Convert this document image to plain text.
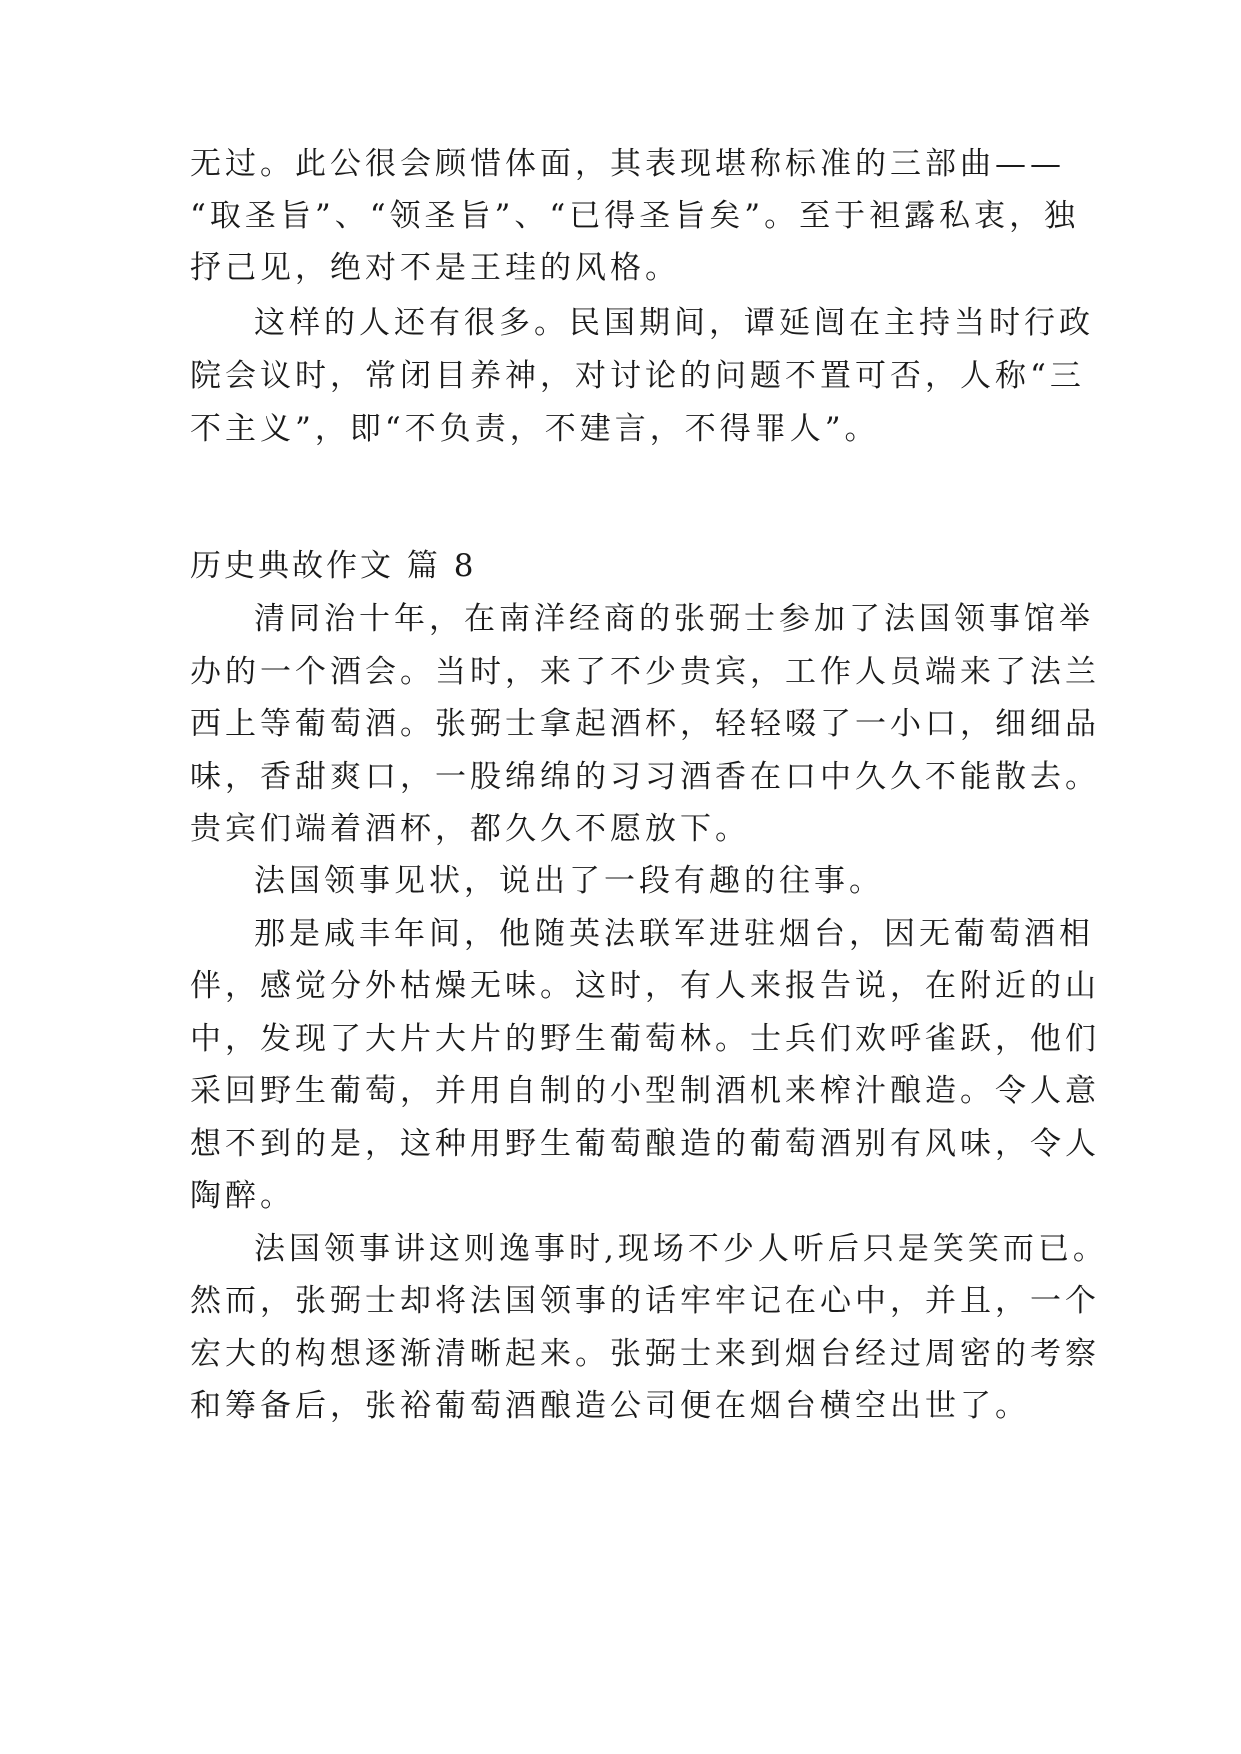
无过。此公很会顾惜体面，其表现堪称标准的三部曲——
“取圣旨”、“领圣旨”、“已得圣旨矣”。至于袒露私衷，独
抒己见，绝对不是王珪的风格。
这样的人还有很多。民国期间，谭延闿在主持当时行政
院会议时，常闭目养神，对讨论的问题不置可否，人称“三
不主义”，即“不负责，不建言，不得罪人”。
历史典故作文 篇 8
清同治十年，在南洋经商的张弼士参加了法国领事馆举
办的一个酒会。当时，来了不少贵宾，工作人员端来了法兰
西上等葡萄酒。张弼士拿起酒杯，轻轻啜了一小口，细细品
味，香甜爽口，一股绵绵的习习酒香在口中久久不能散去。
贵宾们端着酒杯，都久久不愿放下。
法国领事见状，说出了一段有趣的往事。
那是咸丰年间，他随英法联军进驻烟台，因无葡萄酒相
伴，感觉分外枯燥无味。这时，有人来报告说，在附近的山
中，发现了大片大片的野生葡萄林。士兵们欢呼雀跃，他们
采回野生葡萄，并用自制的小型制酒机来榨汁酿造。令人意
想不到的是，这种用野生葡萄酿造的葡萄酒别有风味，令人
陶醉。
法国领事讲这则逸事时,现场不少人听后只是笑笑而已。
然而，张弼士却将法国领事的话牢牢记在心中，并且，一个
宏大的构想逐渐清晰起来。张弼士来到烟台经过周密的考察
和筹备后，张裕葡萄酒酿造公司便在烟台横空出世了。
